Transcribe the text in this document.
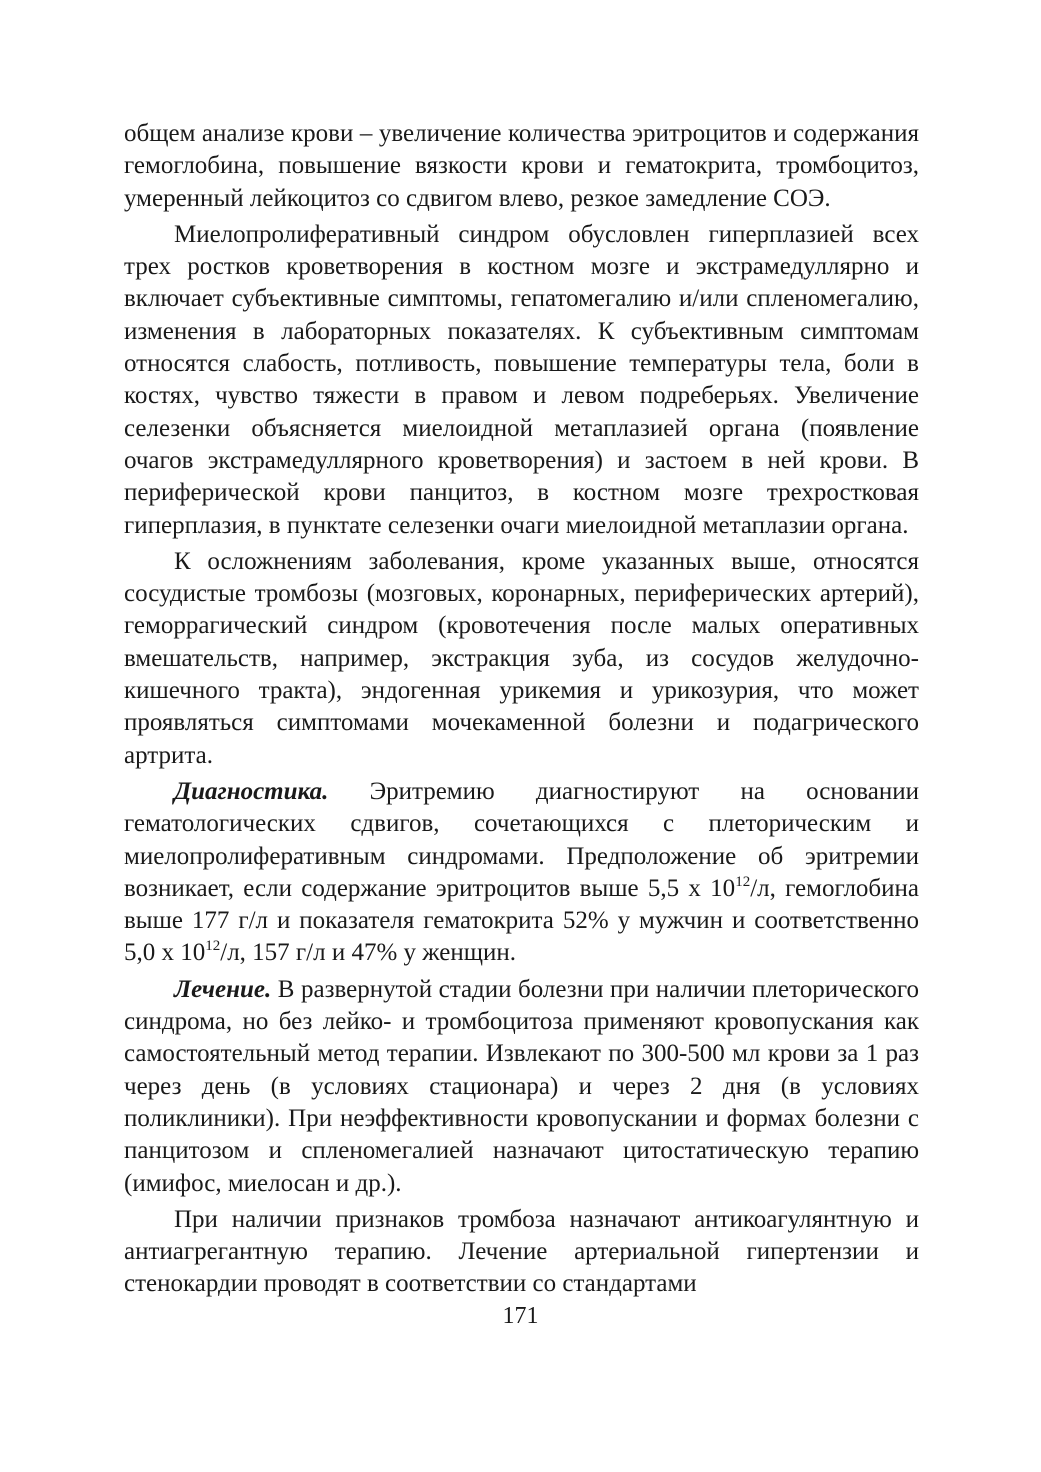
общем анализе крови – увеличение количества эритроцитов и содержания гемоглобина, повышение вязкости крови и гематокрита, тромбоцитоз, умеренный лейкоцитоз со сдвигом влево, резкое замедление СОЭ.

Миелопролиферативный синдром обусловлен гиперплазией всех трех ростков кроветворения в костном мозге и экстрамедуллярно и включает субъективные симптомы, гепатомегалию и/или спленомегалию, изменения в лабораторных показателях. К субъективным симптомам относятся слабость, потливость, повышение температуры тела, боли в костях, чувство тяжести в правом и левом подреберьях. Увеличение селезенки объясняется миелоидной метаплазией органа (появление очагов экстрамедуллярного кроветворения) и застоем в ней крови. В периферической крови панцитоз, в костном мозге трехростковая гиперплазия, в пунктате селезенки очаги миелоидной метаплазии органа.

К осложнениям заболевания, кроме указанных выше, относятся сосудистые тромбозы (мозговых, коронарных, периферических артерий), геморрагический синдром (кровотечения после малых оперативных вмешательств, например, экстракция зуба, из сосудов желудочно-кишечного тракта), эндогенная урикемия и урикозурия, что может проявляться симптомами мочекаменной болезни и подагрического артрита.

Диагностика. Эритремию диагностируют на основании гематологических сдвигов, сочетающихся с плеторическим и миелопролиферативным синдромами. Предположение об эритремии возникает, если содержание эритроцитов выше 5,5 х $10^{12}/л$, гемоглобина выше 177 г/л и показателя гематокрита 52% у мужчин и соответственно 5,0 х $10^{12}/л$, 157 г/л и 47% у женщин.

Лечение. В развернутой стадии болезни при наличии плеторического синдрома, но без лейко- и тромбоцитоза применяют кровопускания как самостоятельный метод терапии. Извлекают по 300-500 мл крови за 1 раз через день (в условиях стационара) и через 2 дня (в условиях поликлиники). При неэффективности кровопускании и формах болезни с панцитозом и спленомегалией назначают цитостатическую терапию (имифос, миелосан и др.).

При наличии признаков тромбоза назначают антикоагулянтную и антиагрегантную терапию. Лечение артериальной гипертензии и стенокардии проводят в соответствии со стандартами

171
